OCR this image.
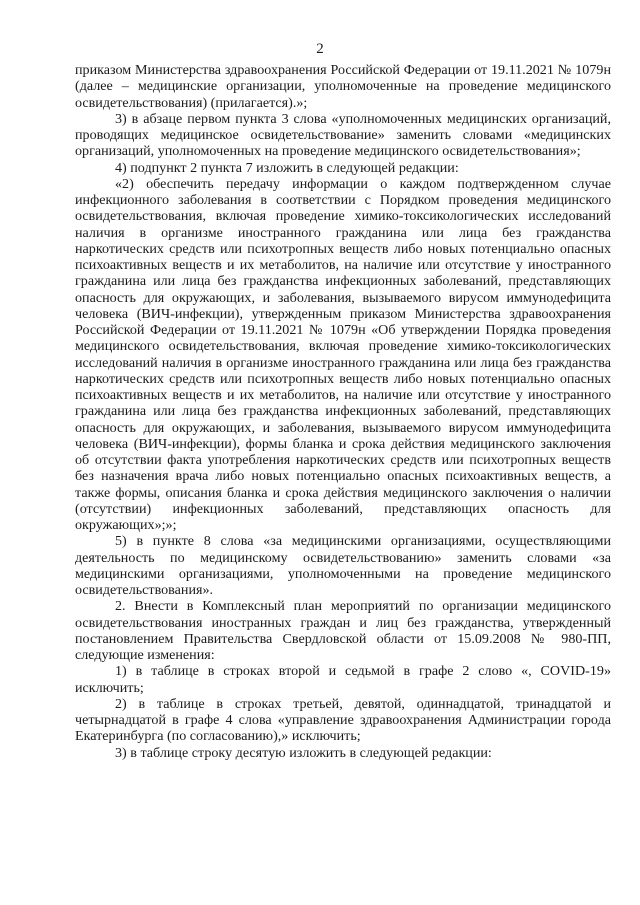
2

приказом Министерства здравоохранения Российской Федерации от 19.11.2021 № 1079н (далее – медицинские организации, уполномоченные на проведение медицинского освидетельствования) (прилагается).»;

3) в абзаце первом пункта 3 слова «уполномоченных медицинских организаций, проводящих медицинское освидетельствование» заменить словами «медицинских организаций, уполномоченных на проведение медицинского освидетельствования»;

4) подпункт 2 пункта 7 изложить в следующей редакции:

«2) обеспечить передачу информации о каждом подтвержденном случае инфекционного заболевания в соответствии с Порядком проведения медицинского освидетельствования, включая проведение химико-токсикологических исследований наличия в организме иностранного гражданина или лица без гражданства наркотических средств или психотропных веществ либо новых потенциально опасных психоактивных веществ и их метаболитов, на наличие или отсутствие у иностранного гражданина или лица без гражданства инфекционных заболеваний, представляющих опасность для окружающих, и заболевания, вызываемого вирусом иммунодефицита человека (ВИЧ-инфекции), утвержденным приказом Министерства здравоохранения Российской Федерации от 19.11.2021 № 1079н «Об утверждении Порядка проведения медицинского освидетельствования, включая проведение химико-токсикологических исследований наличия в организме иностранного гражданина или лица без гражданства наркотических средств или психотропных веществ либо новых потенциально опасных психоактивных веществ и их метаболитов, на наличие или отсутствие у иностранного гражданина или лица без гражданства инфекционных заболеваний, представляющих опасность для окружающих, и заболевания, вызываемого вирусом иммунодефицита человека (ВИЧ-инфекции), формы бланка и срока действия медицинского заключения об отсутствии факта употребления наркотических средств или психотропных веществ без назначения врача либо новых потенциально опасных психоактивных веществ, а также формы, описания бланка и срока действия медицинского заключения о наличии (отсутствии) инфекционных заболеваний, представляющих опасность для окружающих»;»;

5) в пункте 8 слова «за медицинскими организациями, осуществляющими деятельность по медицинскому освидетельствованию» заменить словами «за медицинскими организациями, уполномоченными на проведение медицинского освидетельствования».

2. Внести в Комплексный план мероприятий по организации медицинского освидетельствования иностранных граждан и лиц без гражданства, утвержденный постановлением Правительства Свердловской области от 15.09.2008 № 980-ПП, следующие изменения:

1) в таблице в строках второй и седьмой в графе 2 слово «, COVID-19» исключить;

2) в таблице в строках третьей, девятой, одиннадцатой, тринадцатой и четырнадцатой в графе 4 слова «управление здравоохранения Администрации города Екатеринбурга (по согласованию),» исключить;

3) в таблице строку десятую изложить в следующей редакции:
